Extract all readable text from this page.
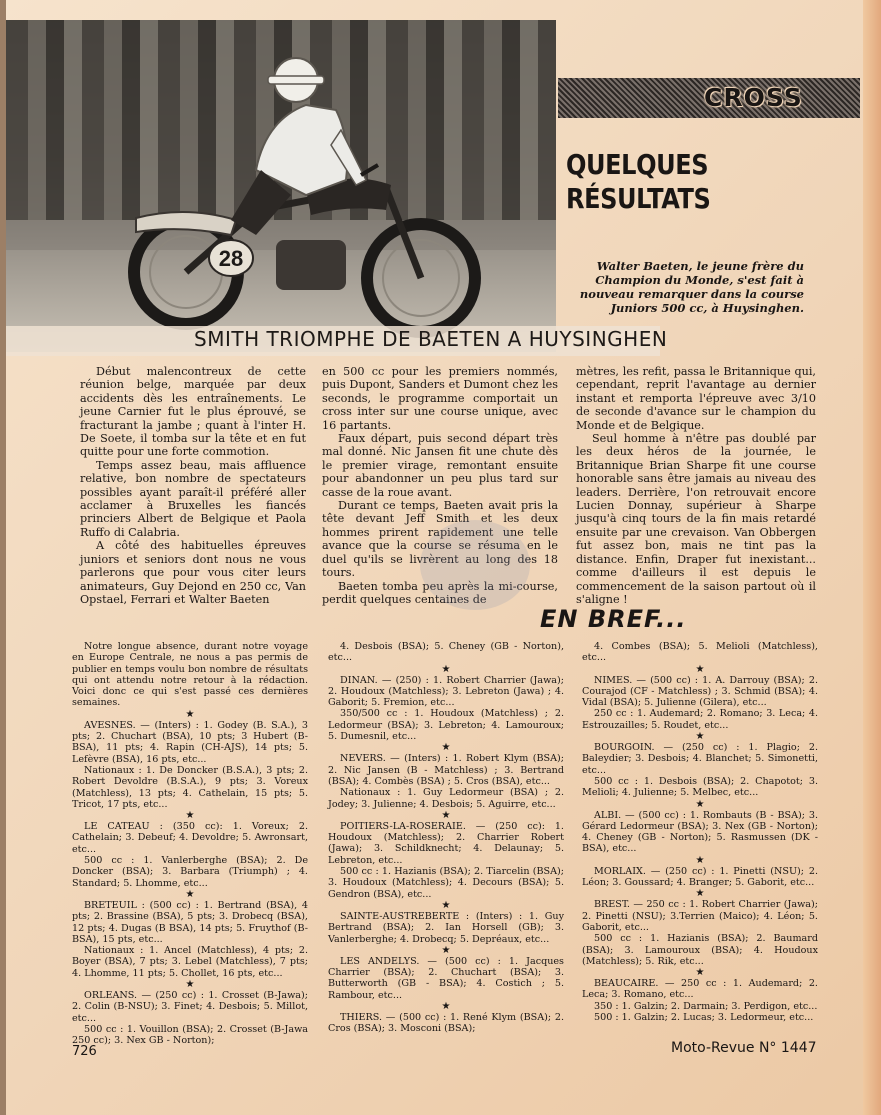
28
SMITH TRIOMPHE DE BAETEN A HUYSINGHEN
CROSS
QUELQUES
RÉSULTATS
Walter Baeten, le jeune frère du Champion du Monde, s'est fait à nouveau remarquer dans la course Juniors 500 cc, à Huysinghen.

Début malencontreux de cette réunion belge, marquée par deux accidents dès les entraînements. Le jeune Carnier fut le plus éprouvé, se fracturant la jambe ; quant à l'inter H. De Soete, il tomba sur la tête et en fut quitte pour une forte commotion.

Temps assez beau, mais affluence relative, bon nombre de spectateurs possibles ayant paraît-il préféré aller acclamer à Bruxelles les fiancés princiers Albert de Belgique et Paola Ruffo di Calabria.

A côté des habituelles épreuves juniors et seniors dont nous ne vous parlerons que pour vous citer leurs animateurs, Guy Dejond en 250 cc, Van Opstael, Ferrari et Walter Baeten

en 500 cc pour les premiers nommés, puis Dupont, Sanders et Dumont chez les seconds, le programme comportait un cross inter sur une course unique, avec 16 partants.

Faux départ, puis second départ très mal donné. Nic Jansen fit une chute dès le premier virage, remontant ensuite pour abandonner un peu plus tard sur casse de la roue avant.

Durant ce temps, Baeten avait pris la tête devant Jeff Smith et les deux hommes prirent rapidement une telle avance que la course se résuma en le duel qu'ils se livrèrent au long des 18 tours.

Baeten tomba peu après la mi-course, perdit quelques centaines de

mètres, les refit, passa le Britannique qui, cependant, reprit l'avantage au dernier instant et remporta l'épreuve avec 3/10 de seconde d'avance sur le champion du Monde et de Belgique.

Seul homme à n'être pas doublé par les deux héros de la journée, le Britannique Brian Sharpe fit une course honorable sans être jamais au niveau des leaders. Derrière, l'on retrouvait encore Lucien Donnay, supérieur à Sharpe jusqu'à cinq tours de la fin mais retardé ensuite par une crevaison. Van Obbergen fut assez bon, mais ne tint pas la distance. Enfin, Draper fut inexistant... comme d'ailleurs il est depuis le commencement de la saison partout où il s'aligne !

EN BREF...

Notre longue absence, durant notre voyage en Europe Centrale, ne nous a pas permis de publier en temps voulu bon nombre de résultats qui ont attendu notre retour à la rédaction. Voici donc ce qui s'est passé ces dernières semaines.

★

AVESNES. — (Inters) : 1. Godey (B. S.A.), 3 pts; 2. Chuchart (BSA), 10 pts; 3 Hubert (B-BSA), 11 pts; 4. Rapin (CH-AJS), 14 pts; 5. Lefèvre (BSA), 16 pts, etc...

Nationaux : 1. De Doncker (B.S.A.), 3 pts; 2. Robert Devoldre (B.S.A.), 9 pts; 3. Voreux (Matchless), 13 pts; 4. Cathelain, 15 pts; 5. Tricot, 17 pts, etc...

★

LE CATEAU : (350 cc): 1. Voreux; 2. Cathelain; 3. Debeuf; 4. Devoldre; 5. Awronsart, etc...

500 cc : 1. Vanlerberghe (BSA); 2. De Doncker (BSA); 3. Barbara (Triumph) ; 4. Standard; 5. Lhomme, etc...

★

BRETEUIL : (500 cc) : 1. Bertrand (BSA), 4 pts; 2. Brassine (BSA), 5 pts; 3. Drobecq (BSA), 12 pts; 4. Dugas (B BSA), 14 pts; 5. Fruythof (B-BSA), 15 pts, etc...

Nationaux : 1. Ancel (Matchless), 4 pts; 2. Boyer (BSA), 7 pts; 3. Lebel (Matchless), 7 pts; 4. Lhomme, 11 pts; 5. Chollet, 16 pts, etc...

★

ORLEANS. — (250 cc) : 1. Crosset (B-Jawa); 2. Colin (B-NSU); 3. Finet; 4. Desbois; 5. Millot, etc...

500 cc : 1. Vouillon (BSA); 2. Crosset (B-Jawa 250 cc); 3. Nex GB - Norton);

4. Desbois (BSA); 5. Cheney (GB - Norton), etc...

★

DINAN. — (250) : 1. Robert Charrier (Jawa); 2. Houdoux (Matchless); 3. Lebreton (Jawa) ; 4. Gaborit; 5. Fremion, etc...

350/500 cc : 1. Houdoux (Matchless) ; 2. Ledormeur (BSA); 3. Lebreton; 4. Lamouroux; 5. Dumesnil, etc...

★

NEVERS. — (Inters) : 1. Robert Klym (BSA); 2. Nic Jansen (B - Matchless) ; 3. Bertrand (BSA); 4. Combès (BSA) ; 5. Cros (BSA), etc...

Nationaux : 1. Guy Ledormeur (BSA) ; 2. Jodey; 3. Julienne; 4. Desbois; 5. Aguirre, etc...

★

POITIERS-LA-ROSERAIE. — (250 cc): 1. Houdoux (Matchless); 2. Charrier Robert (Jawa); 3. Schildknecht; 4. Delaunay; 5. Lebreton, etc...

500 cc : 1. Hazianis (BSA); 2. Tiarcelin (BSA); 3. Houdoux (Matchless); 4. Decours (BSA); 5. Gendron (BSA), etc...

★

SAINTE-AUSTREBERTE : (Inters) : 1. Guy Bertrand (BSA); 2. Ian Horsell (GB); 3. Vanlerberghe; 4. Drobecq; 5. Depréaux, etc...

★

LES ANDELYS. — (500 cc) : 1. Jacques Charrier (BSA); 2. Chuchart (BSA); 3. Butterworth (GB - BSA); 4. Costich ; 5. Rambour, etc...

★

THIERS. — (500 cc) : 1. René Klym (BSA); 2. Cros (BSA); 3. Mosconi (BSA);

4. Combes (BSA); 5. Melioli (Matchless), etc...

★

NIMES. — (500 cc) : 1. A. Darrouy (BSA); 2. Courajod (CF - Matchless) ; 3. Schmid (BSA); 4. Vidal (BSA); 5. Julienne (Gilera), etc...

250 cc : 1. Audemard; 2. Romano; 3. Leca; 4. Estrouzailles; 5. Roudet, etc...

★

BOURGOIN. — (250 cc) : 1. Plagio; 2. Baleydier; 3. Desbois; 4. Blanchet; 5. Simonetti, etc...

500 cc : 1. Desbois (BSA); 2. Chapotot; 3. Melioli; 4. Julienne; 5. Melbec, etc...

★

ALBI. — (500 cc) : 1. Rombauts (B - BSA); 3. Gérard Ledormeur (BSA); 3. Nex (GB - Norton); 4. Cheney (GB - Norton); 5. Rasmussen (DK - BSA), etc...

★

MORLAIX. — (250 cc) : 1. Pinetti (NSU); 2. Léon; 3. Goussard; 4. Branger; 5. Gaborit, etc...

★

BREST. — 250 cc : 1. Robert Charrier (Jawa); 2. Pinetti (NSU); 3.Terrien (Maico); 4. Léon; 5. Gaborit, etc...

500 cc : 1. Hazianis (BSA); 2. Baumard (BSA); 3. Lamouroux (BSA); 4. Houdoux (Matchless); 5. Rik, etc...

★

BEAUCAIRE. — 250 cc : 1. Audemard; 2. Leca; 3. Romano, etc...

350 : 1. Galzin; 2. Darmain; 3. Perdigon, etc...

500 : 1. Galzin; 2. Lucas; 3. Ledormeur, etc...

726	Moto-Revue N° 1447
